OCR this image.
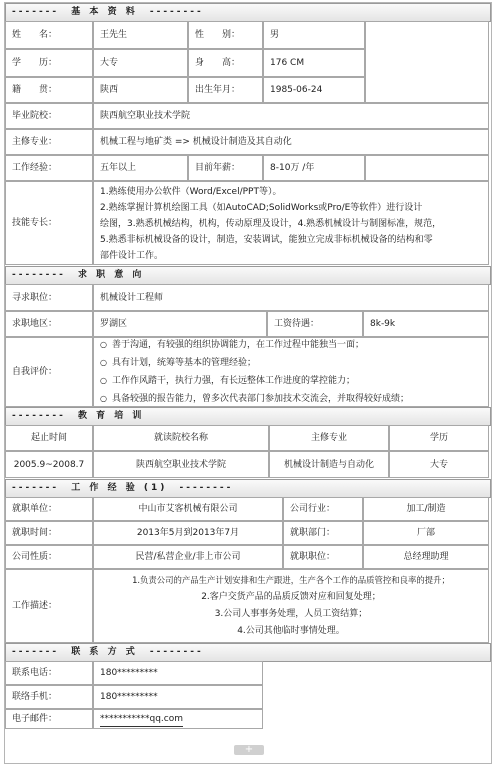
------- 基 本 资 料 --------
姓　　名：	王先生	性　　别：	男
学　　历：	大专	身　　高：	176 CM
籍　　贯：	陕西	出生年月：	1985-06-24
毕业院校：	陕西航空职业技术学院
主修专业：	机械工程与地矿类 => 机械设计制造及其自动化
工作经验：	五年以上	目前年薪：	8-10万 /年
技能专长：
1.熟练使用办公软件（Word/Excel/PPT等）。
2.熟练掌握计算机绘图工具（如AutoCAD;SolidWorks或Pro/E等软件）进行设计
绘图，3.熟悉机械结构，机构，传动原理及设计，4.熟悉机械设计与制图标准，规范，
5.熟悉非标机械设备的设计，制造，安装调试，能独立完成非标机械设备的结构和零
部件设计工作。
-------- 求 职 意 向
寻求职位：	机械设计工程师
求职地区：	罗湖区	工资待遇：	8k-9k
自我评价：
○ 善于沟通，有较强的组织协调能力，在工作过程中能独当一面；
○ 具有计划，统筹等基本的管理经验；
○ 工作作风踏干，执行力强，有长远整体工作进度的掌控能力；
○ 具备较强的报告能力，曾多次代表部门参加技术交流会，并取得较好成绩；
-------- 教 育 培 训
起止时间	就读院校名称	主修专业	学历
2005.9~2008.7	陕西航空职业技术学院	机械设计制造与自动化	大专
------- 工 作 经 验 (1) --------
就职单位：	中山市艾客机械有限公司	公司行业：	加工/制造
就职时间：	2013年5月到2013年7月	就职部门：	厂部
公司性质：	民营/私营企业/非上市公司	就职职位：	总经理助理
工作描述：
1.负责公司的产品生产计划安排和生产跟进，生产各个工作的品质管控和良率的提升；
2.客户交货产品的品质反馈对应和回复处理；
3.公司人事事务处理，人员工资结算；
4.公司其他临时事情处理。
------- 联 系 方 式 --------
联系电话：	180*********
联络手机：	180*********
电子邮件：	***********qq.com
+
